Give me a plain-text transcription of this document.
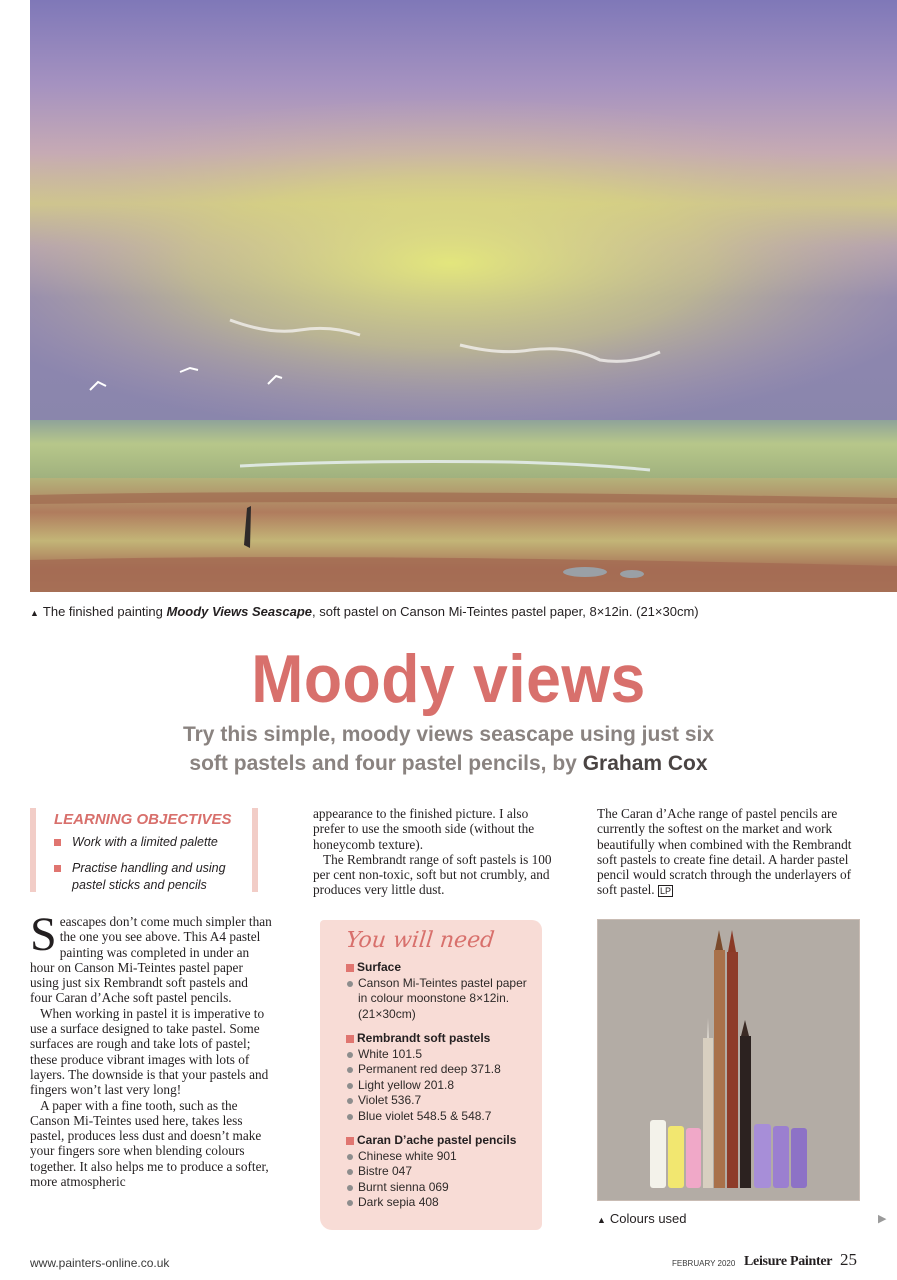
▲ The finished painting Moody Views Seascape, soft pastel on Canson Mi-Teintes pastel paper, 8×12in. (21×30cm)
Moody views
Try this simple, moody views seascape using just six
soft pastels and four pastel pencils, by Graham Cox
LEARNING OBJECTIVES
Work with a limited palette
Practise handling and using pastel sticks and pencils

Seascapes don’t come much simpler than the one you see above. This A4 pastel painting was completed in under an hour on Canson Mi-Teintes pastel paper using just six Rembrandt soft pastels and four Caran d’Ache soft pastel pencils.

When working in pastel it is imperative to use a surface designed to take pastel. Some surfaces are rough and take lots of pastel; these produce vibrant images with lots of layers. The downside is that your pastels and fingers won’t last very long!

A paper with a fine tooth, such as the Canson Mi-Teintes used here, takes less pastel, produces less dust and doesn’t make your fingers sore when blending colours together. It also helps me to produce a softer, more atmospheric

appearance to the finished picture. I also prefer to use the smooth side (without the honeycomb texture).

The Rembrandt range of soft pastels is 100 per cent non-toxic, soft but not crumbly, and produces very little dust.

The Caran d’Ache range of pastel pencils are currently the softest on the market and work beautifully when combined with the Rembrandt soft pastels to create fine detail. A harder pastel pencil would scratch through the underlayers of soft pastel. LP

You will need
Surface
Canson Mi-Teintes pastel paper in colour moonstone 8×12in. (21×30cm)
Rembrandt soft pastels
White 101.5
Permanent red deep 371.8
Light yellow 201.8
Violet 536.7
Blue violet 548.5 & 548.7
Caran D’ache pastel pencils
Chinese white 901
Bistre 047
Burnt sienna 069
Dark sepia 408
▲ Colours used	▶
www.painters-online.co.uk	FEBRUARY 2020 Leisure Painter 25
